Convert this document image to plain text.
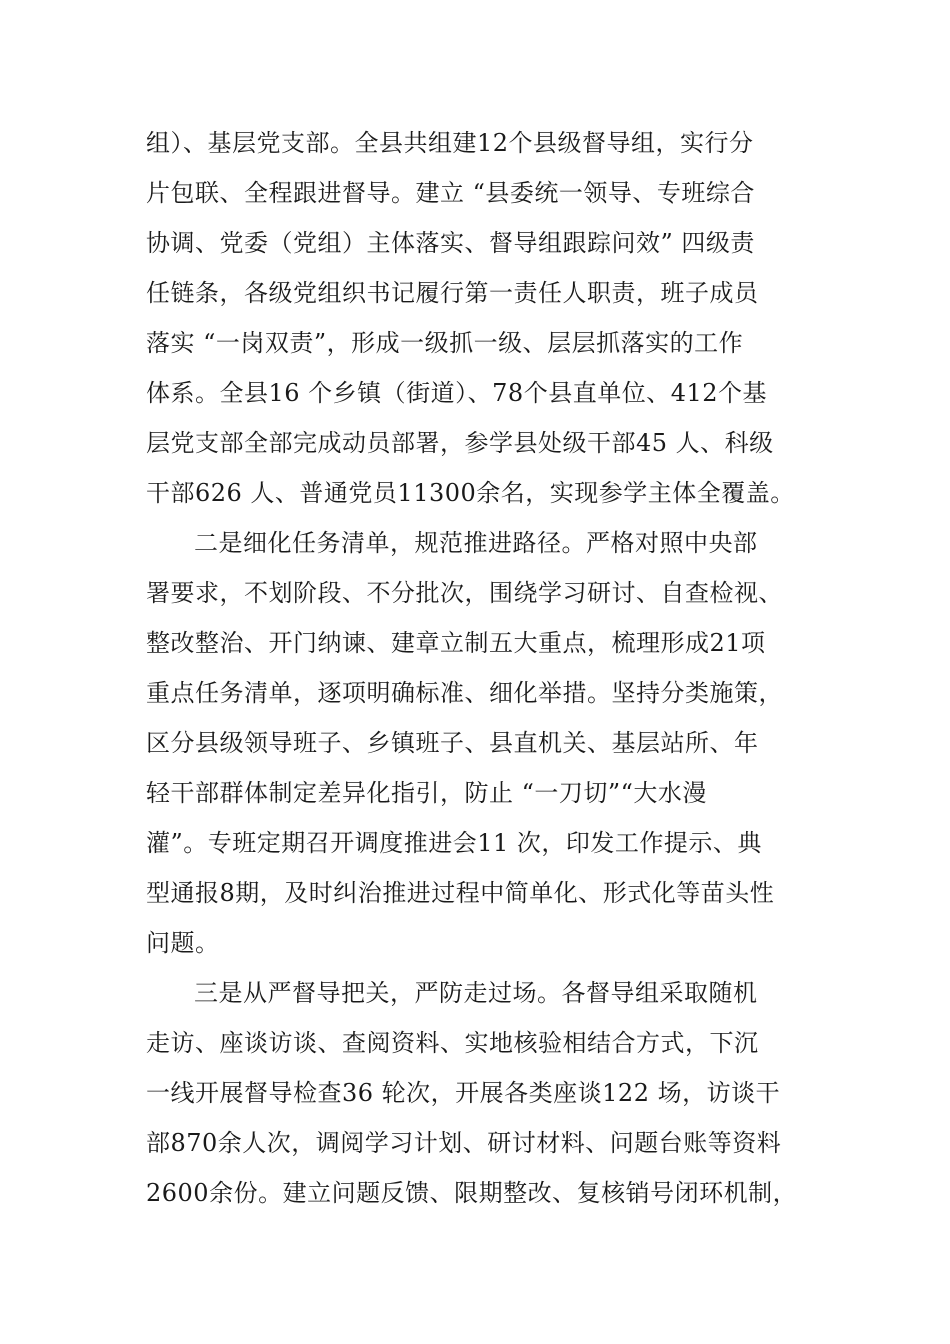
组）、基层党支部。全县共组建12个县级督导组，实行分
片包联、全程跟进督导。建立 “县委统一领导、专班综合
协调、党委（党组）主体落实、督导组跟踪问效” 四级责
任链条，各级党组织书记履行第一责任人职责，班子成员
落实 “一岗双责”，形成一级抓一级、层层抓落实的工作
体系。全县16 个乡镇（街道）、78个县直单位、412个基
层党支部全部完成动员部署，参学县处级干部45 人、科级
干部626 人、普通党员11300余名，实现参学主体全覆盖。
二是细化任务清单，规范推进路径。严格对照中央部
署要求，不划阶段、不分批次，围绕学习研讨、自查检视、
整改整治、开门纳谏、建章立制五大重点，梳理形成21项
重点任务清单，逐项明确标准、细化举措。坚持分类施策，
区分县级领导班子、乡镇班子、县直机关、基层站所、年
轻干部群体制定差异化指引，防止 “一刀切”“大水漫
灌”。专班定期召开调度推进会11 次，印发工作提示、典
型通报8期，及时纠治推进过程中简单化、形式化等苗头性
问题。
三是从严督导把关，严防走过场。各督导组采取随机
走访、座谈访谈、查阅资料、实地核验相结合方式，下沉
一线开展督导检查36 轮次，开展各类座谈122 场，访谈干
部870余人次，调阅学习计划、研讨材料、问题台账等资料
2600余份。建立问题反馈、限期整改、复核销号闭环机制，
